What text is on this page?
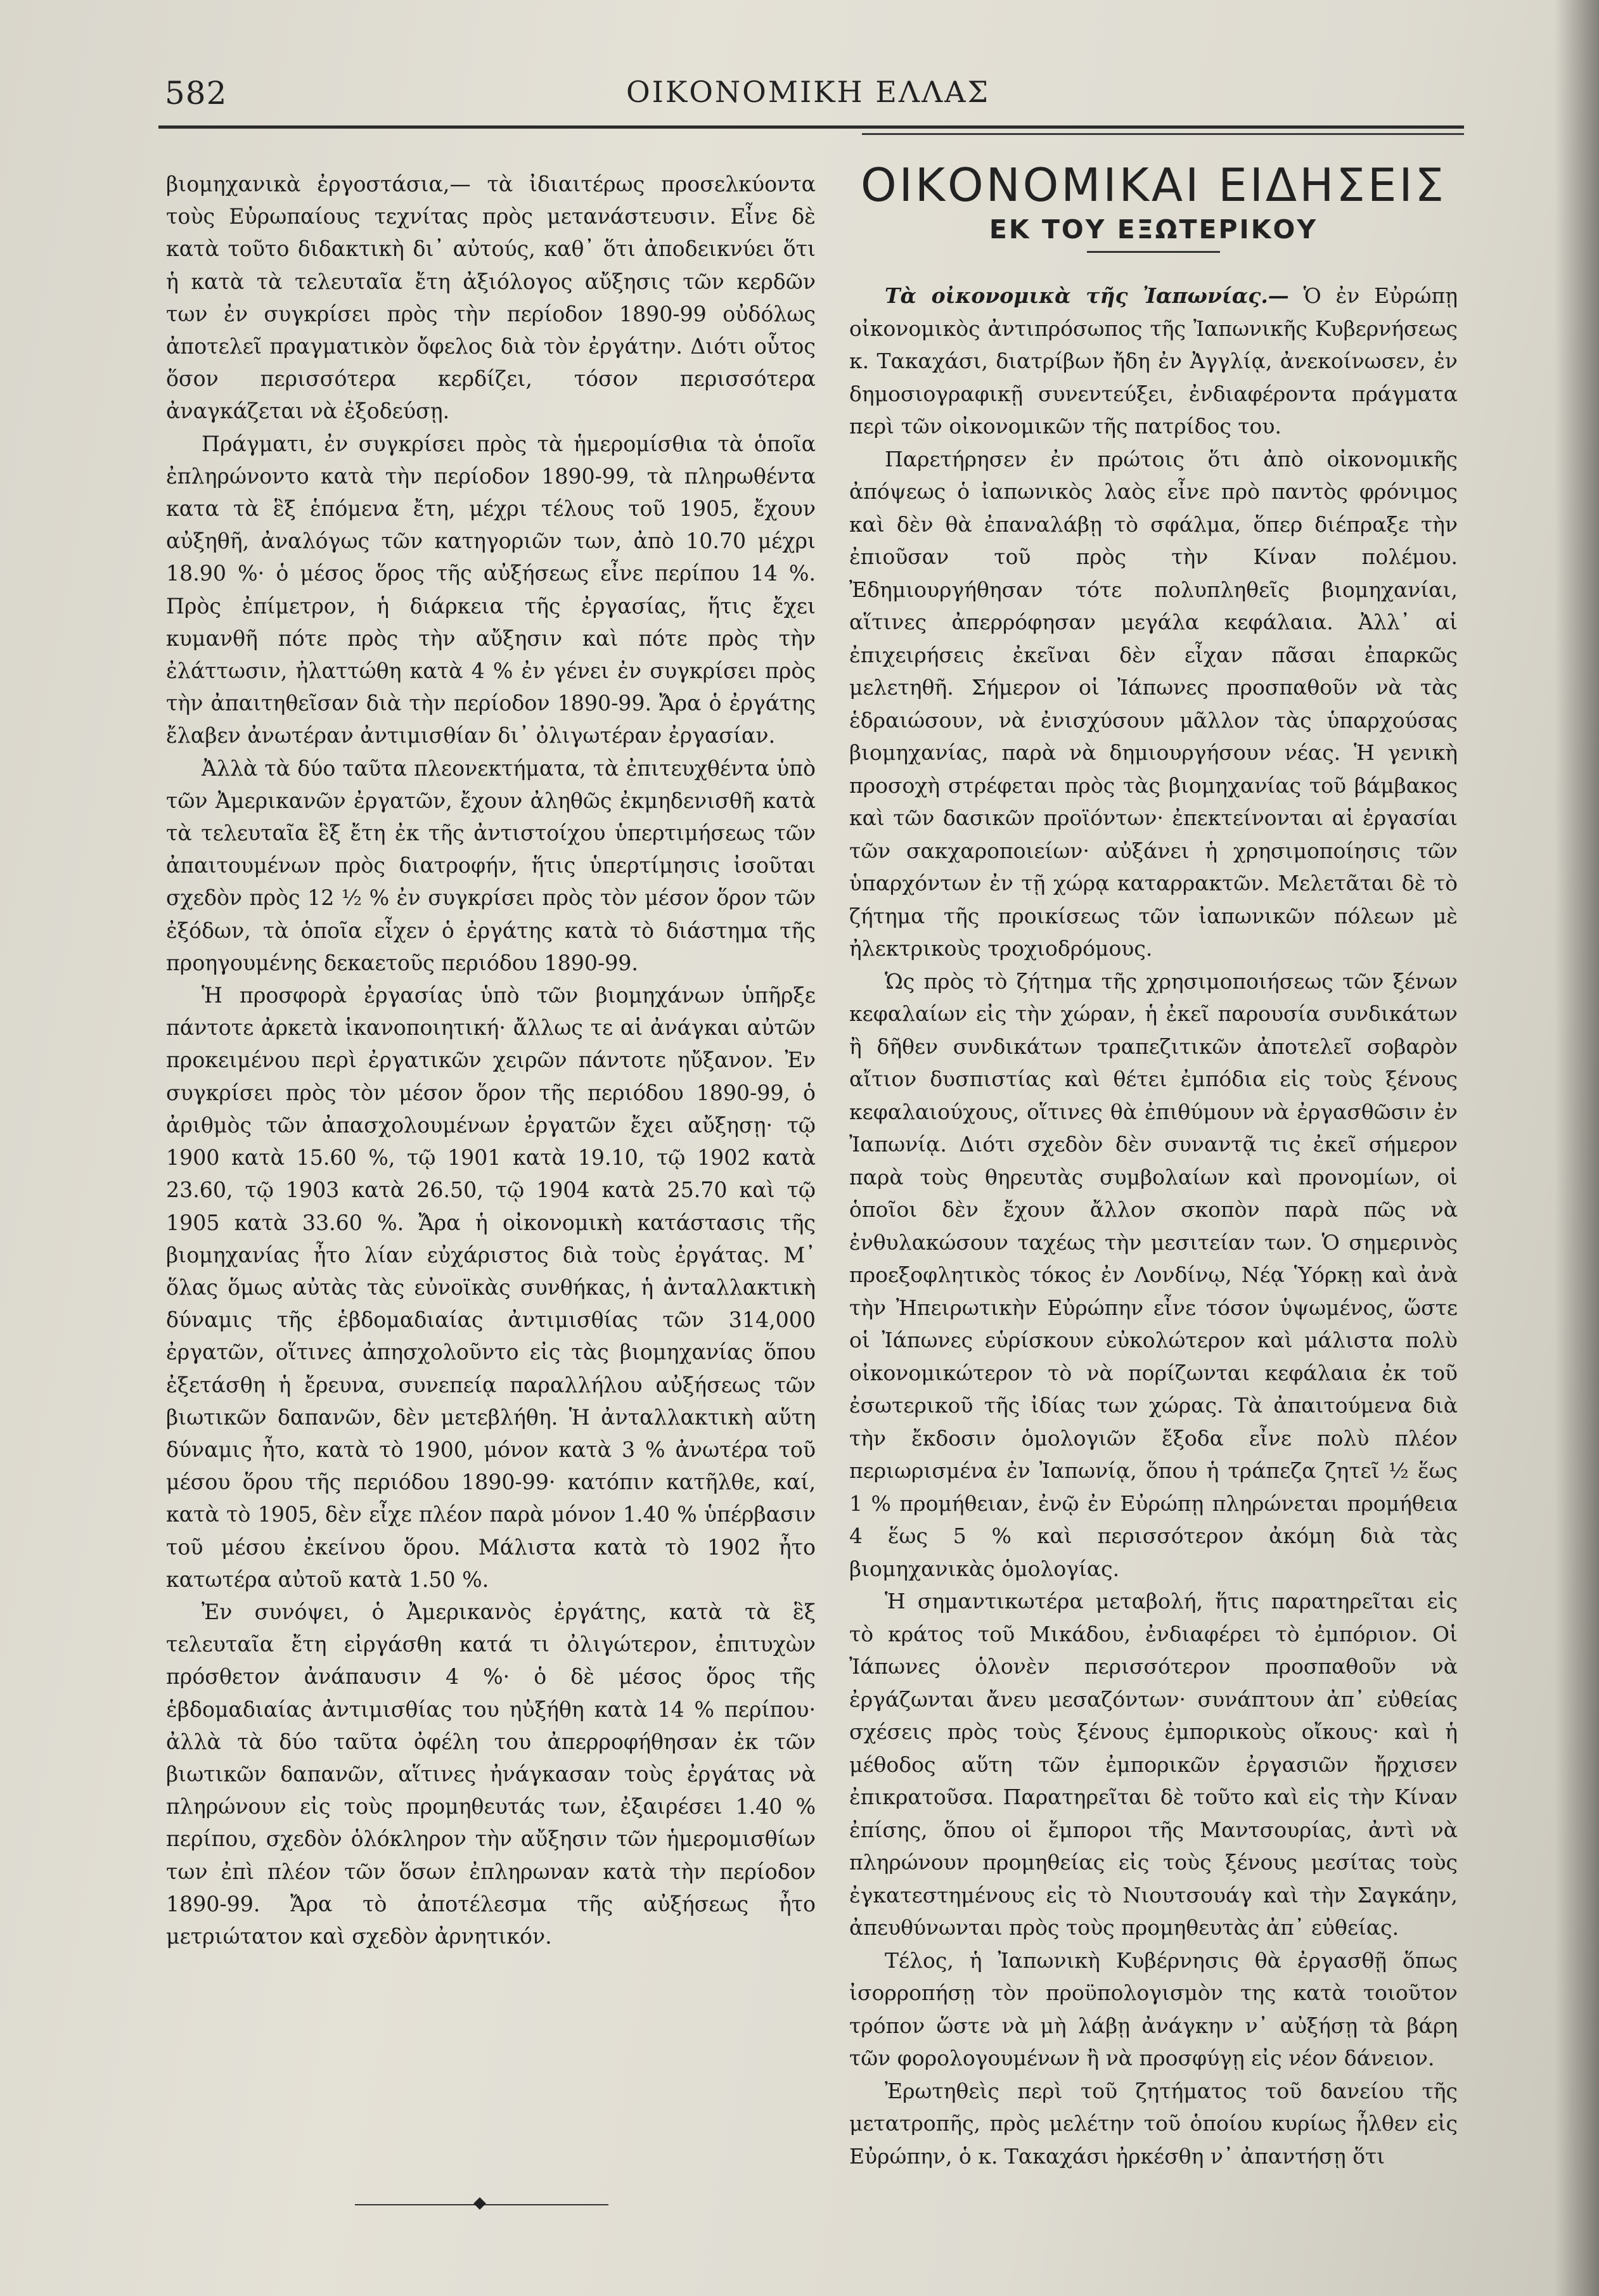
582	ΟΙΚΟΝΟΜΙΚΗ ΕΛΛΑΣ

βιομηχανικὰ ἐργοστάσια,— τὰ ἰδιαιτέρως προσελκύοντα τοὺς Εὐρωπαίους τεχνίτας πρὸς μετανάστευσιν. Εἶνε δὲ κατὰ τοῦτο διδακτικὴ δι᾽ αὐτούς, καθ᾽ ὅτι ἀποδεικνύει ὅτι ἡ κατὰ τὰ τελευταῖα ἔτη ἀξιόλογος αὔξησις τῶν κερδῶν των ἐν συγκρίσει πρὸς τὴν περίοδον 1890-99 οὐδόλως ἀποτελεῖ πραγματικὸν ὄφελος διὰ τὸν ἐργάτην. Διότι οὗτος ὅσον περισσότερα κερδίζει, τόσον περισσότερα ἀναγκάζεται νὰ ἐξοδεύσῃ.

Πράγματι, ἐν συγκρίσει πρὸς τὰ ἡμερομίσθια τὰ ὁποῖα ἐπληρώνοντο κατὰ τὴν περίοδον 1890-99, τὰ πληρωθέντα κατα τὰ ἓξ ἑπόμενα ἔτη, μέχρι τέλους τοῦ 1905, ἔχουν αὐξηθῆ, ἀναλόγως τῶν κατηγοριῶν των, ἀπὸ 10.70 μέχρι 18.90 %· ὁ μέσος ὅρος τῆς αὐξήσεως εἶνε περίπου 14 %. Πρὸς ἐπίμετρον, ἡ διάρκεια τῆς ἐργασίας, ἥτις ἔχει κυμανθῆ πότε πρὸς τὴν αὔξησιν καὶ πότε πρὸς τὴν ἐλάττωσιν, ἠλαττώθη κατὰ 4 % ἐν γένει ἐν συγκρίσει πρὸς τὴν ἀπαιτηθεῖσαν διὰ τὴν περίοδον 1890-99. Ἄρα ὁ ἐργάτης ἔλαβεν ἀνωτέραν ἀντιμισθίαν δι᾽ ὀλιγωτέραν ἐργασίαν.

Ἀλλὰ τὰ δύο ταῦτα πλεονεκτήματα, τὰ ἐπιτευχθέντα ὑπὸ τῶν Ἀμερικανῶν ἐργατῶν, ἔχουν ἀληθῶς ἐκμηδενισθῆ κατὰ τὰ τελευταῖα ἓξ ἔτη ἐκ τῆς ἀντιστοίχου ὑπερτιμήσεως τῶν ἀπαιτουμένων πρὸς διατροφήν, ἥτις ὑπερτίμησις ἰσοῦται σχεδὸν πρὸς 12 ½ % ἐν συγκρίσει πρὸς τὸν μέσον ὅρον τῶν ἐξόδων, τὰ ὁποῖα εἶχεν ὁ ἐργάτης κατὰ τὸ διάστημα τῆς προηγουμένης δεκαετοῦς περιόδου 1890-99.

Ἡ προσφορὰ ἐργασίας ὑπὸ τῶν βιομηχάνων ὑπῆρξε πάντοτε ἀρκετὰ ἱκανοποιητική· ἄλλως τε αἱ ἀνάγκαι αὐτῶν προκειμένου περὶ ἐργατικῶν χειρῶν πάντοτε ηὔξανον. Ἐν συγκρίσει πρὸς τὸν μέσον ὅρον τῆς περιόδου 1890-99, ὁ ἀριθμὸς τῶν ἀπασχολουμένων ἐργατῶν ἔχει αὔξησῃ· τῷ 1900 κατὰ 15.60 %, τῷ 1901 κατὰ 19.10, τῷ 1902 κατὰ 23.60, τῷ 1903 κατὰ 26.50, τῷ 1904 κατὰ 25.70 καὶ τῷ 1905 κατὰ 33.60 %. Ἄρα ἡ οἰκονομικὴ κατάστασις τῆς βιομηχανίας ἦτο λίαν εὐχάριστος διὰ τοὺς ἐργάτας. Μ᾽ ὅλας ὅμως αὐτὰς τὰς εὐνοϊκὰς συνθήκας, ἡ ἀνταλλακτικὴ δύναμις τῆς ἑβδομαδιαίας ἀντιμισθίας τῶν 314,000 ἐργατῶν, οἵτινες ἀπησχολοῦντο εἰς τὰς βιομηχανίας ὅπου ἐξετάσθη ἡ ἔρευνα, συνεπείᾳ παραλλήλου αὐξήσεως τῶν βιωτικῶν δαπανῶν, δὲν μετεβλήθη. Ἡ ἀνταλλακτικὴ αὕτη δύναμις ἦτο, κατὰ τὸ 1900, μόνον κατὰ 3 % ἀνωτέρα τοῦ μέσου ὅρου τῆς περιόδου 1890-99· κατόπιν κατῆλθε, καί, κατὰ τὸ 1905, δὲν εἶχε πλέον παρὰ μόνον 1.40 % ὑπέρβασιν τοῦ μέσου ἐκείνου ὅρου. Μάλιστα κατὰ τὸ 1902 ἦτο κατωτέρα αὐτοῦ κατὰ 1.50 %.

Ἐν συνόψει, ὁ Ἀμερικανὸς ἐργάτης, κατὰ τὰ ἓξ τελευταῖα ἔτη εἰργάσθη κατά τι ὀλιγώτερον, ἐπιτυχὼν πρόσθετον ἀνάπαυσιν 4 %· ὁ δὲ μέσος ὅρος τῆς ἑβδομαδιαίας ἀντιμισθίας του ηὐξήθη κατὰ 14 % περίπου· ἀλλὰ τὰ δύο ταῦτα ὀφέλη του ἀπερροφήθησαν ἐκ τῶν βιωτικῶν δαπανῶν, αἵτινες ἠνάγκασαν τοὺς ἐργάτας νὰ πληρώνουν εἰς τοὺς προμηθευτάς των, ἐξαιρέσει 1.40 % περίπου, σχεδὸν ὁλόκληρον τὴν αὔξησιν τῶν ἡμερομισθίων των ἐπὶ πλέον τῶν ὅσων ἐπληρωναν κατὰ τὴν περίοδον 1890-99. Ἄρα τὸ ἀποτέλεσμα τῆς αὐξήσεως ἦτο μετριώτατον καὶ σχεδὸν ἀρνητικόν.

ΟΙΚΟΝΟΜΙΚΑΙ ΕΙΔΗΣΕΙΣ
ΕΚ ΤΟΥ ΕΞΩΤΕΡΙΚΟΥ

Τὰ οἰκονομικὰ τῆς Ἰαπωνίας.— Ὁ ἐν Εὐρώπῃ οἰκονομικὸς ἀντιπρόσωπος τῆς Ἰαπωνικῆς Κυβερνήσεως κ. Τακαχάσι, διατρίβων ἤδη ἐν Ἀγγλίᾳ, ἀνεκοίνωσεν, ἐν δημοσιογραφικῇ συνεντεύξει, ἐνδιαφέροντα πράγματα περὶ τῶν οἰκονομικῶν τῆς πατρίδος του.

Παρετήρησεν ἐν πρώτοις ὅτι ἀπὸ οἰκονομικῆς ἀπόψεως ὁ ἰαπωνικὸς λαὸς εἶνε πρὸ παντὸς φρόνιμος καὶ δὲν θὰ ἐπαναλάβῃ τὸ σφάλμα, ὅπερ διέπραξε τὴν ἐπιοῦσαν τοῦ πρὸς τὴν Κίναν πολέμου. Ἐδημιουργήθησαν τότε πολυπληθεῖς βιομηχανίαι, αἵτινες ἀπερρόφησαν μεγάλα κεφάλαια. Ἀλλ᾽ αἱ ἐπιχειρήσεις ἐκεῖναι δὲν εἶχαν πᾶσαι ἐπαρκῶς μελετηθῆ. Σήμερον οἱ Ἰάπωνες προσπαθοῦν νὰ τὰς ἑδραιώσουν, νὰ ἐνισχύσουν μᾶλλον τὰς ὑπαρχούσας βιομηχανίας, παρὰ νὰ δημιουργήσουν νέας. Ἡ γενικὴ προσοχὴ στρέφεται πρὸς τὰς βιομηχανίας τοῦ βάμβακος καὶ τῶν δασικῶν προϊόντων· ἐπεκτείνονται αἱ ἐργασίαι τῶν σακχαροποιείων· αὐξάνει ἡ χρησιμοποίησις τῶν ὑπαρχόντων ἐν τῇ χώρᾳ καταρρακτῶν. Μελετᾶται δὲ τὸ ζήτημα τῆς προικίσεως τῶν ἰαπωνικῶν πόλεων μὲ ἠλεκτρικοὺς τροχιοδρόμους.

Ὡς πρὸς τὸ ζήτημα τῆς χρησιμοποιήσεως τῶν ξένων κεφαλαίων εἰς τὴν χώραν, ἡ ἐκεῖ παρουσία συνδικάτων ἢ δῆθεν συνδικάτων τραπεζιτικῶν ἀποτελεῖ σοβαρὸν αἴτιον δυσπιστίας καὶ θέτει ἐμπόδια εἰς τοὺς ξένους κεφαλαιούχους, οἵτινες θὰ ἐπιθύμουν νὰ ἐργασθῶσιν ἐν Ἰαπωνίᾳ. Διότι σχεδὸν δὲν συναντᾷ τις ἐκεῖ σήμερον παρὰ τοὺς θηρευτὰς συμβολαίων καὶ προνομίων, οἱ ὁποῖοι δὲν ἔχουν ἄλλον σκοπὸν παρὰ πῶς νὰ ἐνθυλακώσουν ταχέως τὴν μεσιτείαν των. Ὁ σημερινὸς προεξοφλητικὸς τόκος ἐν Λονδίνῳ, Νέᾳ Ὑόρκῃ καὶ ἀνὰ τὴν Ἠπειρωτικὴν Εὐρώπην εἶνε τόσον ὑψωμένος, ὥστε οἱ Ἰάπωνες εὑρίσκουν εὐκολώτερον καὶ μάλιστα πολὺ οἰκονομικώτερον τὸ νὰ πορίζωνται κεφάλαια ἐκ τοῦ ἐσωτερικοῦ τῆς ἰδίας των χώρας. Τὰ ἀπαιτούμενα διὰ τὴν ἔκδοσιν ὁμολογιῶν ἔξοδα εἶνε πολὺ πλέον περιωρισμένα ἐν Ἰαπωνίᾳ, ὅπου ἡ τράπεζα ζητεῖ ½ ἕως 1 % προμήθειαν, ἐνῷ ἐν Εὐρώπῃ πληρώνεται προμήθεια 4 ἕως 5 % καὶ περισσότερον ἀκόμη διὰ τὰς βιομηχανικὰς ὁμολογίας.

Ἡ σημαντικωτέρα μεταβολή, ἥτις παρατηρεῖται εἰς τὸ κράτος τοῦ Μικάδου, ἐνδιαφέρει τὸ ἐμπόριον. Οἱ Ἰάπωνες ὁλονὲν περισσότερον προσπαθοῦν νὰ ἐργάζωνται ἄνευ μεσαζόντων· συνάπτουν ἀπ᾽ εὐθείας σχέσεις πρὸς τοὺς ξένους ἐμπορικοὺς οἴκους· καὶ ἡ μέθοδος αὕτη τῶν ἐμπορικῶν ἐργασιῶν ἤρχισεν ἐπικρατοῦσα. Παρατηρεῖται δὲ τοῦτο καὶ εἰς τὴν Κίναν ἐπίσης, ὅπου οἱ ἔμποροι τῆς Μαντσουρίας, ἀντὶ νὰ πληρώνουν προμηθείας εἰς τοὺς ξένους μεσίτας τοὺς ἐγκατεστημένους εἰς τὸ Νιουτσουάγ καὶ τὴν Σαγκάην, ἀπευθύνωνται πρὸς τοὺς προμηθευτὰς ἀπ᾽ εὐθείας.

Τέλος, ἡ Ἰαπωνικὴ Κυβέρνησις θὰ ἐργασθῇ ὅπως ἰσορροπήσῃ τὸν προϋπολογισμὸν της κατὰ τοιοῦτον τρόπον ὥστε νὰ μὴ λάβῃ ἀνάγκην ν᾽ αὐξήσῃ τὰ βάρη τῶν φορολογουμένων ἢ νὰ προσφύγῃ εἰς νέον δάνειον.

Ἐρωτηθεὶς περὶ τοῦ ζητήματος τοῦ δανείου τῆς μετατροπῆς, πρὸς μελέτην τοῦ ὁποίου κυρίως ἦλθεν εἰς Εὐρώπην, ὁ κ. Τακαχάσι ἠρκέσθη ν᾽ ἀπαντήσῃ ὅτι
